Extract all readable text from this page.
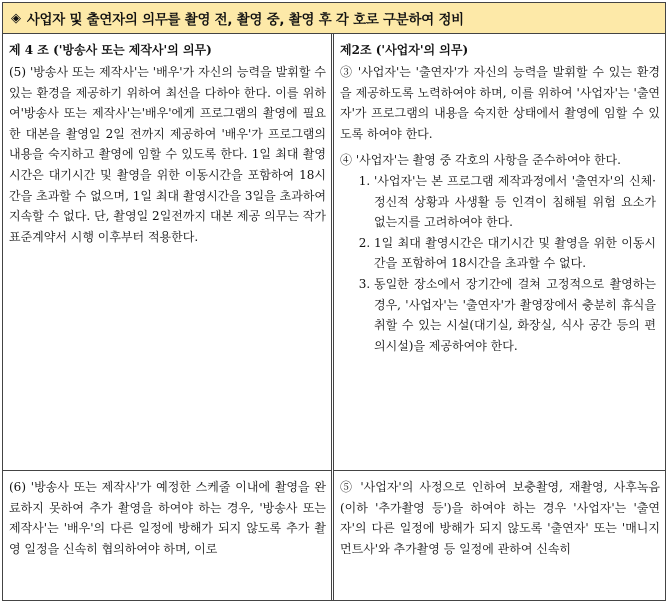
◈ 사업자 및 출연자의 의무를 촬영 전, 촬영 중, 촬영 후 각 호로 구분하여 정비
제 4 조 ('방송사 또는 제작사'의 의무)

(5) '방송사 또는 제작사'는 '배우'가 자신의 능력을 발휘할 수 있는 환경을 제공하기 위하여 최선을 다하야 한다. 이를 위하여'방송사 또는 제작사'는'배우'에게 프로그램의 촬영에 필요한 대본을 촬영일 2일 전까지 제공하여 '배우'가 프로그램의 내용을 숙지하고 촬영에 임할 수 있도록 한다. 1일 최대 촬영시간은 대기시간 및 촬영을 위한 이동시간을 포함하여 18시간을 초과할 수 없으며, 1일 최대 촬영시간을 3일을 초과하여 지속할 수 없다. 단, 촬영일 2일전까지 대본 제공 의무는 작가 표준계약서 시행 이후부터 적용한다.

(6) '방송사 또는 제작사'가 예정한 스케줄 이내에 촬영을 완료하지 못하여 추가 촬영을 하여야 하는 경우, '방송사 또는 제작사'는 '배우'의 다른 일정에 방해가 되지 않도록 추가 촬영 일정을 신속히 협의하여야 하며, 이로

제2조 ('사업자'의 의무)

③ '사업자'는 '출연자'가 자신의 능력을 발휘할 수 있는 환경을 제공하도록 노력하여야 하며, 이를 위하여 '사업자'는 '출연자'가 프로그램의 내용을 숙지한 상태에서 촬영에 임할 수 있도록 하여야 한다.

④ '사업자'는 촬영 중 각호의 사항을 준수하여야 한다.

1. '사업자'는 본 프로그램 제작과정에서 '출연자'의 신체·정신적 상황과 사생활 등 인격이 침해될 위험 요소가 없는지를 고려하여야 한다.
2. 1일 최대 촬영시간은 대기시간 및 촬영을 위한 이동시간을 포함하여 18시간을 초과할 수 없다.
3. 동일한 장소에서 장기간에 걸쳐 고정적으로 촬영하는 경우, '사업자'는 '출연자'가 촬영장에서 충분히 휴식을 취할 수 있는 시설(대기실, 화장실, 식사 공간 등의 편의시설)을 제공하여야 한다.

⑤ '사업자'의 사정으로 인하여 보충촬영, 재촬영, 사후녹음(이하 '추가촬영 등')을 하여야 하는 경우 '사업자'는 '출연자'의 다른 일정에 방해가 되지 않도록 '출연자' 또는 '매니지먼트사'와 추가촬영 등 일정에 관하여 신속히
